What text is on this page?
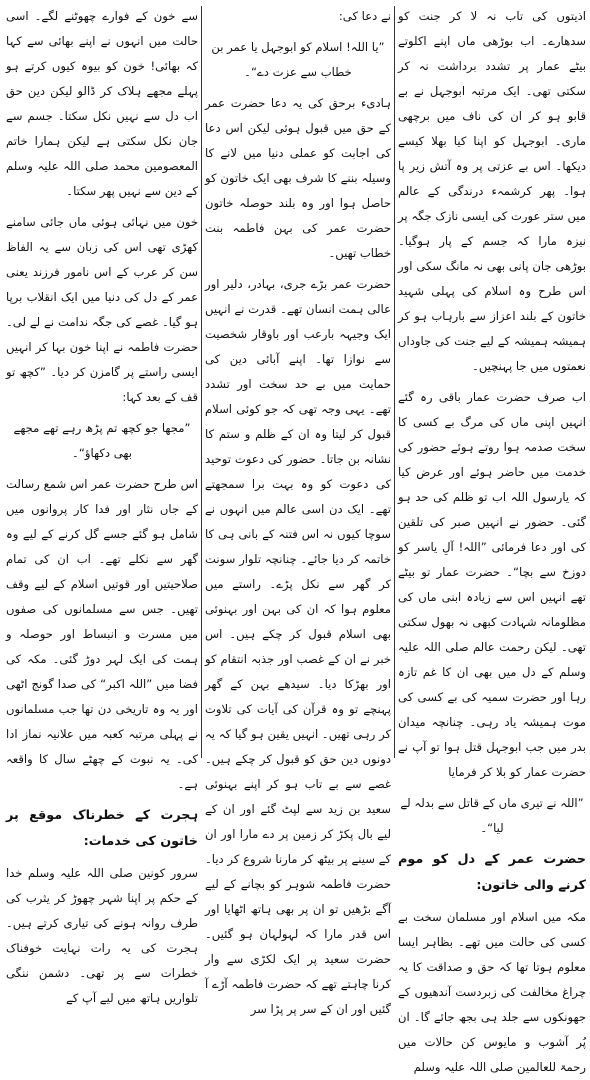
اذیتوں کی تاب نہ لا کر جنت کو سدھارے۔ اب بوڑھی ماں اپنے اکلوتے بیٹے عمار پر تشدد برداشت نہ کر سکتی تھی۔ ایک مرتبہ ابوجہل نے بے قابو ہو کر ان کی ناف میں برچھی ماری۔ ابوجہل کو اپنا کیا بھلا کیسے دیکھا۔ اس بے عزتی پر وہ آتش زیر پا ہوا۔ پھر کرشمہء درندگی کے عالم میں ستر عورت کی ایسی نازک جگہ پر نیزہ مارا کہ جسم کے پار ہوگیا۔ بوڑھی جان پانی بھی نہ مانگ سکی اور اس طرح وہ اسلام کی پہلی شہید خاتون کے بلند اعزاز سے بارہاب ہو کر ہمیشہ ہمیشہ کے لیے جنت کی جاوداں نعمتوں میں جا پہنچیں۔

اب صرف حضرت عمار باقی رہ گئے انہیں اپنی ماں کی مرگ بے کسی کا سخت صدمہ ہوا روتے ہوئے حضور کی خدمت میں حاضر ہوئے اور عرض کیا کہ یارسول اللہ اب تو ظلم کی حد ہو گئی۔ حضور نے انہیں صبر کی تلقین کی اور دعا فرمائی ”اللہ! آلِ یاسر کو دوزخ سے بچا“۔ حضرت عمار تو بیٹے تھے انہیں اس سے زیادہ ابنی ماں کی مظلومانہ شہادت کبھی نہ بھول سکتی تھی۔ لیکن رحمت عالم صلی اللہ علیہ وسلم کے دل میں بھی ان کا غم تازہ رہا اور حضرت سمیہ کی بے کسی کی موت ہمیشہ یاد رہی۔ چنانچہ میدان بدر میں جب ابوجہل قتل ہوا تو آپ نے حضرت عمار کو بلا کر فرمایا

”اللہ نے تیری ماں کے قاتل سے بدلہ لے لیا“۔

حضرت عمر کے دل کو موم کرنے والی خاتون:

مکہ میں اسلام اور مسلمان سخت بے کسی کی حالت میں تھے۔ بظاہر ایسا معلوم ہوتا تھا کہ حق و صداقت کا یہ چراغ مخالفت کی زبردست آندھیوں کے جھونکوں سے جلد ہی بجھ جائے گا۔ ان پُر آشوب و مایوس کن حالات میں رحمۃ للعالمین صلی اللہ علیہ وسلم

نے دعا کی:

”یا اللہ! اسلام کو ابوجہل یا عمر بن خطاب سے عزت دے“۔

ہادیء برحق کی یہ دعا حضرت عمر کے حق میں قبول ہوئی لیکن اس دعا کی اجابت کو عملی دنیا میں لانے کا وسیلہ بننے کا شرف بھی ایک خاتون کو حاصل ہوا اور وہ بلند حوصلہ خاتون حضرت عمر کی بہن فاطمہ بنت خطاب تھیں۔

حضرت عمر بڑے جری، بہادر، دلیر اور عالی ہمت انسان تھے۔ قدرت نے انہیں ایک وجیہہ بارعب اور باوقار شخصیت سے نوازا تھا۔ اپنے آبائی دین کی حمایت میں بے حد سخت اور تشدد تھے۔ یہی وجہ تھی کہ جو کوئی اسلام قبول کر لیتا وہ ان کے ظلم و ستم کا نشانہ بن جاتا۔ حضور کی دعوت توحید کی دعوت کو وہ بہت برا سمجھتے تھے۔ ایک دن اسی عالم میں انہوں نے سوچا کیوں نہ اس فتنہ کے بانی ہی کا خاتمہ کر دیا جائے۔ چنانچہ تلوار سونت کر گھر سے نکل پڑے۔ راستے میں معلوم ہوا کہ ان کی بہن اور بہنوئی بھی اسلام قبول کر چکے ہیں۔ اس خبر نے ان کے غصب اور جذبہ انتقام کو اور بھڑکا دیا۔ سیدھے بہن کے گھر پہنچے تو وہ قرآن کی آیات کی تلاوت کر رہی تھیں۔ انہیں یقین ہو گیا کہ یہ دونوں دین حق کو قبول کر چکے ہیں۔ غصے سے بے تاب ہو کر اپنے بہنوئی سعید بن زید سے لپٹ گئے اور ان کے لیے بال پکڑ کر زمین پر دے مارا اور ان کے سینے پر بیٹھ کر مارنا شروع کر دیا۔ حضرت فاطمہ شوہر کو بچانے کے لیے آگے بڑھیں تو ان پر بھی ہاتھ اٹھایا اور اس قدر مارا کہ لہولہان ہو گئیں۔ حضرت سعید پر ایک لکڑی سے وار کرنا چاہتے تھے کہ حضرت فاطمہ آڑے آ گئیں اور ان کے سر پر پڑا سر

سے خون کے فوارے چھوٹنے لگے۔ اسی حالت میں انہوں نے اپنے بھائی سے کہا کہ بھائی! خون کو بیوہ کیوں کرتے ہو پہلے مجھے ہلاک کر ڈالو لیکن دین حق اب دل سے نہیں نکل سکتا۔ جسم سے جان نکل سکتی ہے لیکن ہمارا خاتم المعصومین محمد صلی اللہ علیہ وسلم کے دین سے نہیں پھر سکتا۔

خون میں نہائی ہوئی ماں جائی سامنے کھڑی تھی اس کی زبان سے یہ الفاظ سن کر عرب کے اس نامور فرزند یعنی عمر کے دل کی دنیا میں ایک انقلاب برپا ہو گیا۔ غصے کی جگہ ندامت نے لے لی۔ حضرت فاطمہ نے اپنا خون بہا کر انہیں ایسی راستے پر گامزن کر دیا۔ ”کچھ تو قف کے بعد کہا:

”مجھا جو کچھ تم پڑھ رہے تھے مجھے بھی دکھاؤ“۔

اس طرح حضرت عمر اس شمع رسالت کے جاں نثار اور فدا کار پروانوں میں شامل ہو گئے جسے گل کرنے کے لیے وہ گھر سے نکلے تھے۔ اب ان کی تمام صلاحیتیں اور قوتیں اسلام کے لیے وقف تھیں۔ جس سے مسلمانوں کی صفوں میں مسرت و انبساط اور حوصلہ و ہمت کی ایک لہر دوڑ گئی۔ مکہ کی فضا میں ”اللہ اکبر“ کی صدا گونج اٹھی اور یہ وہ تاریخی دن تھا جب مسلمانوں نے پہلی مرتبہ کعبہ میں علانیہ نماز ادا کی۔ یہ نبوت کے چھٹے سال کا واقعہ ہے۔

ہجرت کے خطرناک موقع پر خاتون کی خدمات:

سرور کونین صلی اللہ علیہ وسلم خدا کے حکم پر اپنا شہر چھوڑ کر یثرب کی طرف روانہ ہونے کی تیاری کرتے ہیں۔ ہجرت کی یہ رات نہایت خوفناک خطرات سے پر تھی۔ دشمن ننگی تلواریں ہاتھ میں لیے آپ کے
